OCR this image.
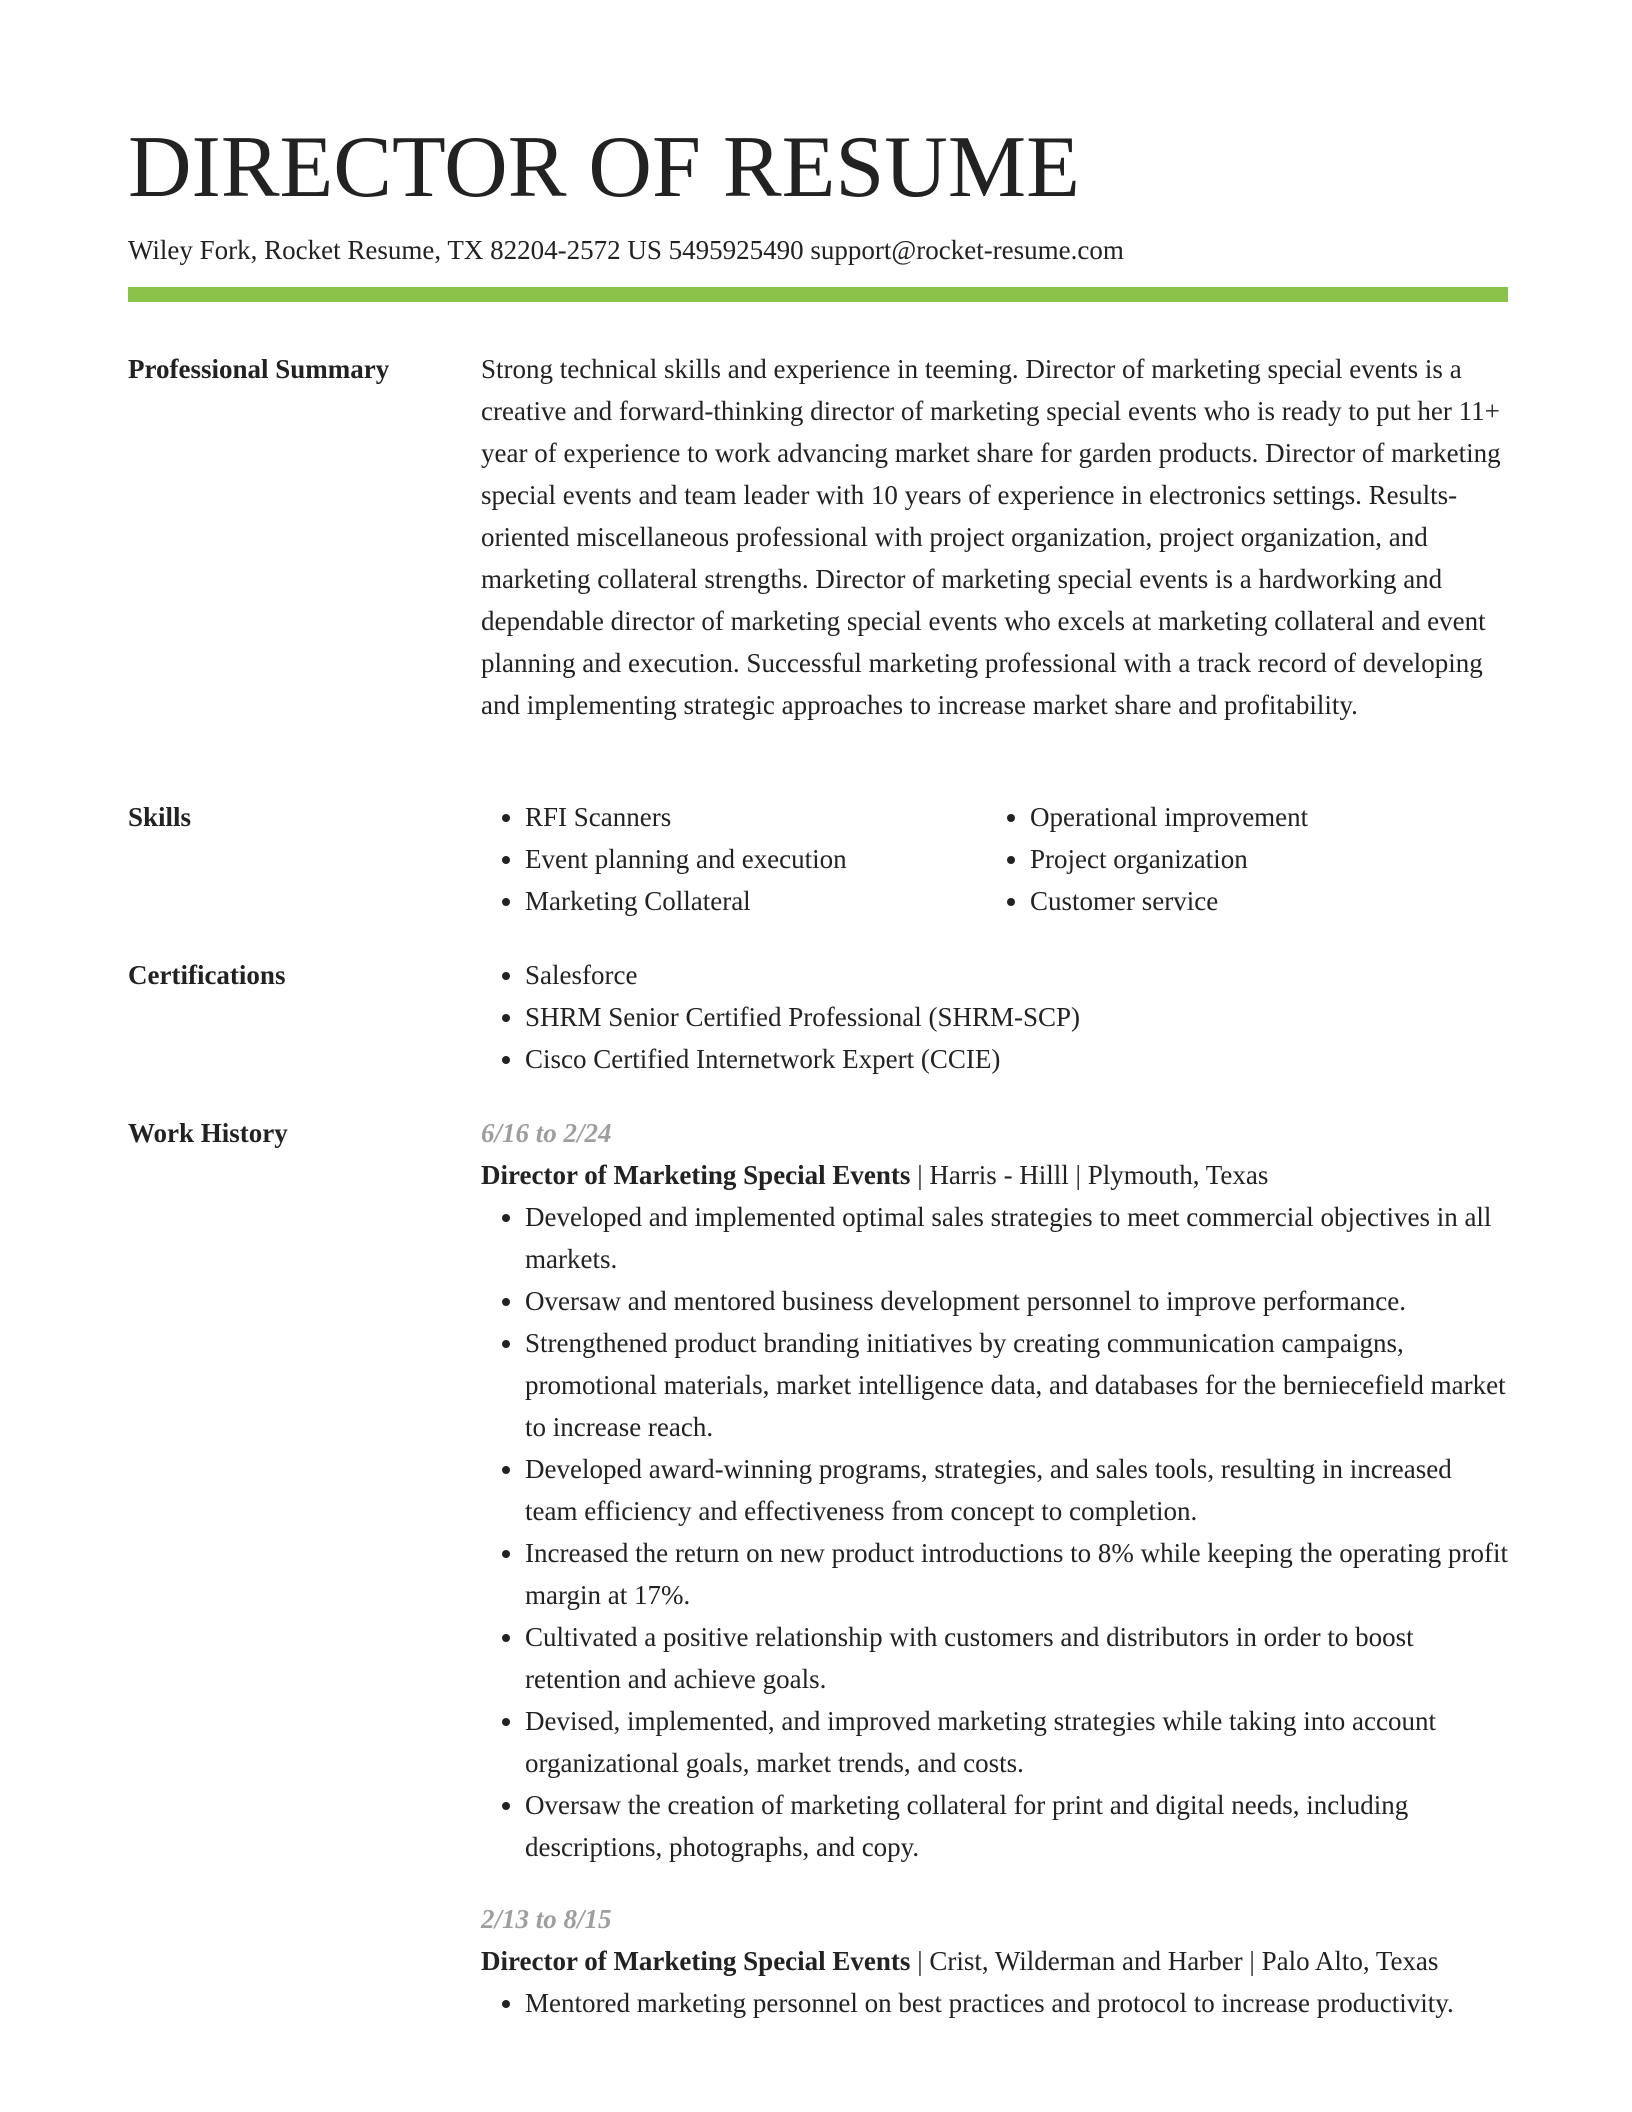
DIRECTOR OF RESUME
Wiley Fork, Rocket Resume, TX 82204-2572 US 5495925490 support@rocket-resume.com
Professional Summary	Strong technical skills and experience in teeming. Director of marketing special events is a creative and forward-thinking director of marketing special events who is ready to put her 11+ year of experience to work advancing market share for garden products. Director of marketing special events and team leader with 10 years of experience in electronics settings. Results-oriented miscellaneous professional with project organization, project organization, and marketing collateral strengths. Director of marketing special events is a hardworking and dependable director of marketing special events who excels at marketing collateral and event planning and execution. Successful marketing professional with a track record of developing and implementing strategic approaches to increase market share and profitability.

Skills	• RFI Scanners
• Event planning and execution
• Marketing Collateral
• Operational improvement
• Project organization
• Customer service
Certifications	• Salesforce
• SHRM Senior Certified Professional (SHRM-SCP)
• Cisco Certified Internetwork Expert (CCIE)
Work History	6/16 to 2/24
Director of Marketing Special Events | Harris - Hilll | Plymouth, Texas
• Developed and implemented optimal sales strategies to meet commercial objectives in all markets.
• Oversaw and mentored business development personnel to improve performance.
• Strengthened product branding initiatives by creating communication campaigns, promotional materials, market intelligence data, and databases for the berniecefield market to increase reach.
• Developed award-winning programs, strategies, and sales tools, resulting in increased team efficiency and effectiveness from concept to completion.
• Increased the return on new product introductions to 8% while keeping the operating profit margin at 17%.
• Cultivated a positive relationship with customers and distributors in order to boost retention and achieve goals.
• Devised, implemented, and improved marketing strategies while taking into account organizational goals, market trends, and costs.
• Oversaw the creation of marketing collateral for print and digital needs, including descriptions, photographs, and copy.
2/13 to 8/15
Director of Marketing Special Events | Crist, Wilderman and Harber | Palo Alto, Texas
• Mentored marketing personnel on best practices and protocol to increase productivity.
